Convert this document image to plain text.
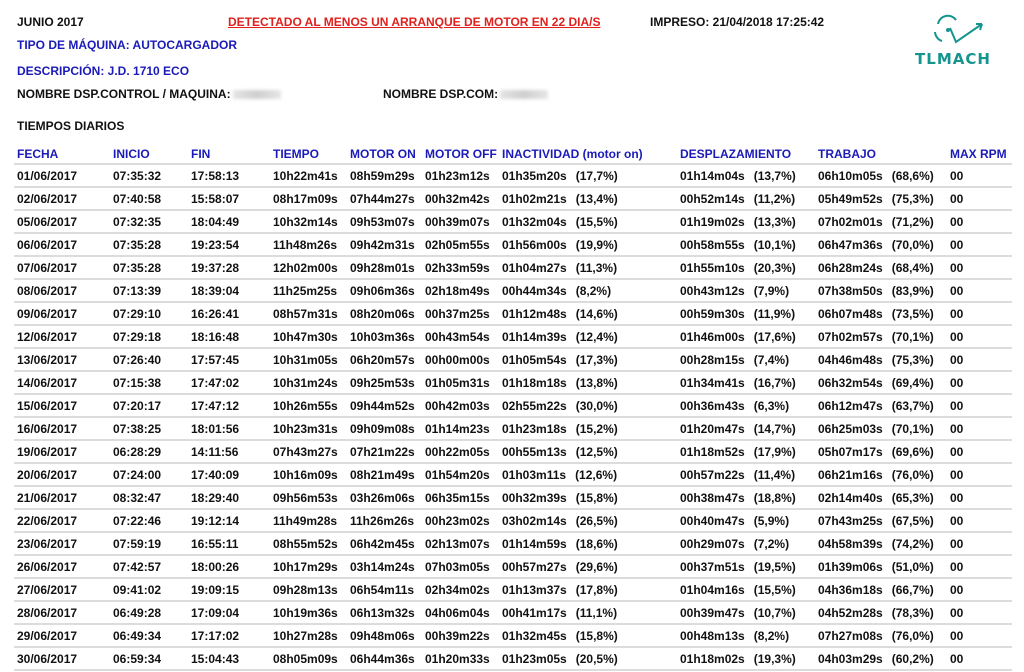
JUNIO 2017	DETECTADO AL MENOS UN ARRANQUE DE MOTOR EN 22 DIA/S	IMPRESO: 21/04/2018 17:25:42
TIPO DE MÁQUINA: AUTOCARGADOR
DESCRIPCIÓN: J.D. 1710 ECO
NOMBRE DSP.CONTROL / MAQUINA:	NOMBRE DSP.COM:
TIEMPOS DIARIOS
TLMACH
FECHA	INICIO	FIN	TIEMPO	MOTOR ON	MOTOR OFF	INACTIVIDAD (motor on)	DESPLAZAMIENTO	TRABAJO	MAX RPM
01/06/2017	07:35:32	17:58:13	10h22m41s	08h59m29s	01h23m12s	01h35m20s (17,7%)	01h14m04s (13,7%)	06h10m05s (68,6%)	00
02/06/2017	07:40:58	15:58:07	08h17m09s	07h44m27s	00h32m42s	01h02m21s (13,4%)	00h52m14s (11,2%)	05h49m52s (75,3%)	00
05/06/2017	07:32:35	18:04:49	10h32m14s	09h53m07s	00h39m07s	01h32m04s (15,5%)	01h19m02s (13,3%)	07h02m01s (71,2%)	00
06/06/2017	07:35:28	19:23:54	11h48m26s	09h42m31s	02h05m55s	01h56m00s (19,9%)	00h58m55s (10,1%)	06h47m36s (70,0%)	00
07/06/2017	07:35:28	19:37:28	12h02m00s	09h28m01s	02h33m59s	01h04m27s (11,3%)	01h55m10s (20,3%)	06h28m24s (68,4%)	00
08/06/2017	07:13:39	18:39:04	11h25m25s	09h06m36s	02h18m49s	00h44m34s (8,2%)	00h43m12s (7,9%)	07h38m50s (83,9%)	00
09/06/2017	07:29:10	16:26:41	08h57m31s	08h20m06s	00h37m25s	01h12m48s (14,6%)	00h59m30s (11,9%)	06h07m48s (73,5%)	00
12/06/2017	07:29:18	18:16:48	10h47m30s	10h03m36s	00h43m54s	01h14m39s (12,4%)	01h46m00s (17,6%)	07h02m57s (70,1%)	00
13/06/2017	07:26:40	17:57:45	10h31m05s	06h20m57s	00h00m00s	01h05m54s (17,3%)	00h28m15s (7,4%)	04h46m48s (75,3%)	00
14/06/2017	07:15:38	17:47:02	10h31m24s	09h25m53s	01h05m31s	01h18m18s (13,8%)	01h34m41s (16,7%)	06h32m54s (69,4%)	00
15/06/2017	07:20:17	17:47:12	10h26m55s	09h44m52s	00h42m03s	02h55m22s (30,0%)	00h36m43s (6,3%)	06h12m47s (63,7%)	00
16/06/2017	07:38:25	18:01:56	10h23m31s	09h09m08s	01h14m23s	01h23m18s (15,2%)	01h20m47s (14,7%)	06h25m03s (70,1%)	00
19/06/2017	06:28:29	14:11:56	07h43m27s	07h21m22s	00h22m05s	00h55m13s (12,5%)	01h18m52s (17,9%)	05h07m17s (69,6%)	00
20/06/2017	07:24:00	17:40:09	10h16m09s	08h21m49s	01h54m20s	01h03m11s (12,6%)	00h57m22s (11,4%)	06h21m16s (76,0%)	00
21/06/2017	08:32:47	18:29:40	09h56m53s	03h26m06s	06h35m15s	00h32m39s (15,8%)	00h38m47s (18,8%)	02h14m40s (65,3%)	00
22/06/2017	07:22:46	19:12:14	11h49m28s	11h26m26s	00h23m02s	03h02m14s (26,5%)	00h40m47s (5,9%)	07h43m25s (67,5%)	00
23/06/2017	07:59:19	16:55:11	08h55m52s	06h42m45s	02h13m07s	01h14m59s (18,6%)	00h29m07s (7,2%)	04h58m39s (74,2%)	00
26/06/2017	07:42:57	18:00:26	10h17m29s	03h14m24s	07h03m05s	00h57m27s (29,6%)	00h37m51s (19,5%)	01h39m06s (51,0%)	00
27/06/2017	09:41:02	19:09:15	09h28m13s	06h54m11s	02h34m02s	01h13m37s (17,8%)	01h04m16s (15,5%)	04h36m18s (66,7%)	00
28/06/2017	06:49:28	17:09:04	10h19m36s	06h13m32s	04h06m04s	00h41m17s (11,1%)	00h39m47s (10,7%)	04h52m28s (78,3%)	00
29/06/2017	06:49:34	17:17:02	10h27m28s	09h48m06s	00h39m22s	01h32m45s (15,8%)	00h48m13s (8,2%)	07h27m08s (76,0%)	00
30/06/2017	06:59:34	15:04:43	08h05m09s	06h44m36s	01h20m33s	01h23m05s (20,5%)	01h18m02s (19,3%)	04h03m29s (60,2%)	00
